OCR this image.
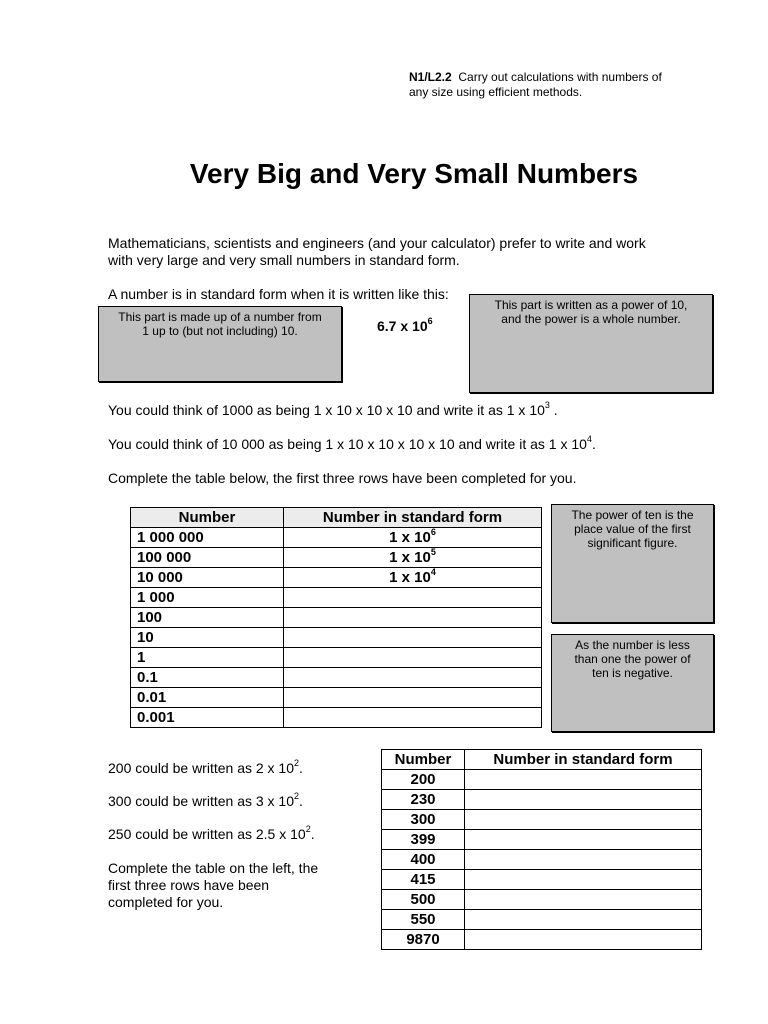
N1/L2.2 Carry out calculations with numbers of
any size using efficient methods.
Very Big and Very Small Numbers
Mathematicians, scientists and engineers (and your calculator) prefer to write and work
with very large and very small numbers in standard form.
A number is in standard form when it is written like this:
This part is made up of a number from
1 up to (but not including) 10.	6.7 x $10^6$
This part is written as a power of 10,
and the power is a whole number.
You could think of 1000 as being 1 x 10 x 10 x 10 and write it as 1 x $10^3$ .
You could think of 10 000 as being 1 x 10 x 10 x 10 x 10 and write it as 1 x $10^4$.
Complete the table below, the first three rows have been completed for you.
Number	Number in standard form
1 000 000	1 x $10^6$
100 000	1 x $10^5$
10 000	1 x $10^4$
1 000	
100	
10	
1	
0.1	
0.01	
0.001	
The power of ten is the
place value of the first
significant figure.
As the number is less
than one the power of
ten is negative.
200 could be written as 2 x $10^2$.
300 could be written as 3 x $10^2$.
250 could be written as 2.5 x $10^2$.
Complete the table on the left, the
first three rows have been
completed for you.
Number	Number in standard form
200	
230	
300	
399	
400	
415	
500	
550	
9870	
